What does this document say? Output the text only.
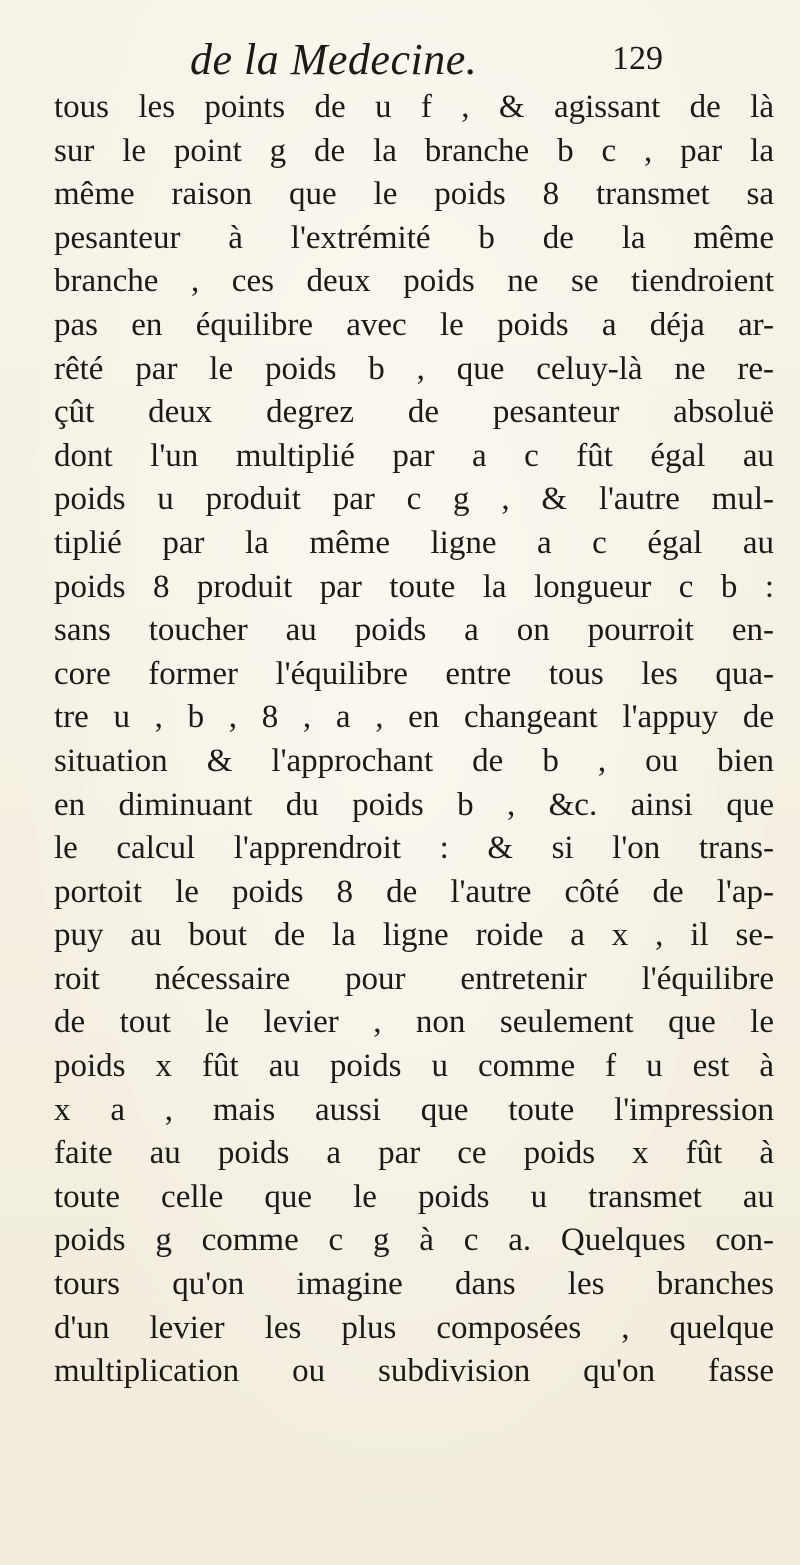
de la Medecine.	129
tous les points de u f , & agissant de là
sur le point g de la branche b c , par la
même raison que le poids 8 transmet sa
pesanteur à l'extrémité b de la même
branche , ces deux poids ne se tiendroient
pas en équilibre avec le poids a déja ar-
rêté par le poids b , que celuy-là ne re-
çût deux degrez de pesanteur absoluë
dont l'un multiplié par a c fût égal au
poids u produit par c g , & l'autre mul-
tiplié par la même ligne a c égal au
poids 8 produit par toute la longueur c b :
sans toucher au poids a on pourroit en-
core former l'équilibre entre tous les qua-
tre u , b , 8 , a , en changeant l'appuy de
situation & l'approchant de b , ou bien
en diminuant du poids b , &c. ainsi que
le calcul l'apprendroit : & si l'on trans-
portoit le poids 8 de l'autre côté de l'ap-
puy au bout de la ligne roide a x , il se-
roit nécessaire pour entretenir l'équilibre
de tout le levier , non seulement que le
poids x fût au poids u comme f u est à
x a , mais aussi que toute l'impression
faite au poids a par ce poids x fût à
toute celle que le poids u transmet au
poids g comme c g à c a. Quelques con-
tours qu'on imagine dans les branches
d'un levier les plus composées , quelque
multiplication ou subdivision qu'on fasse
